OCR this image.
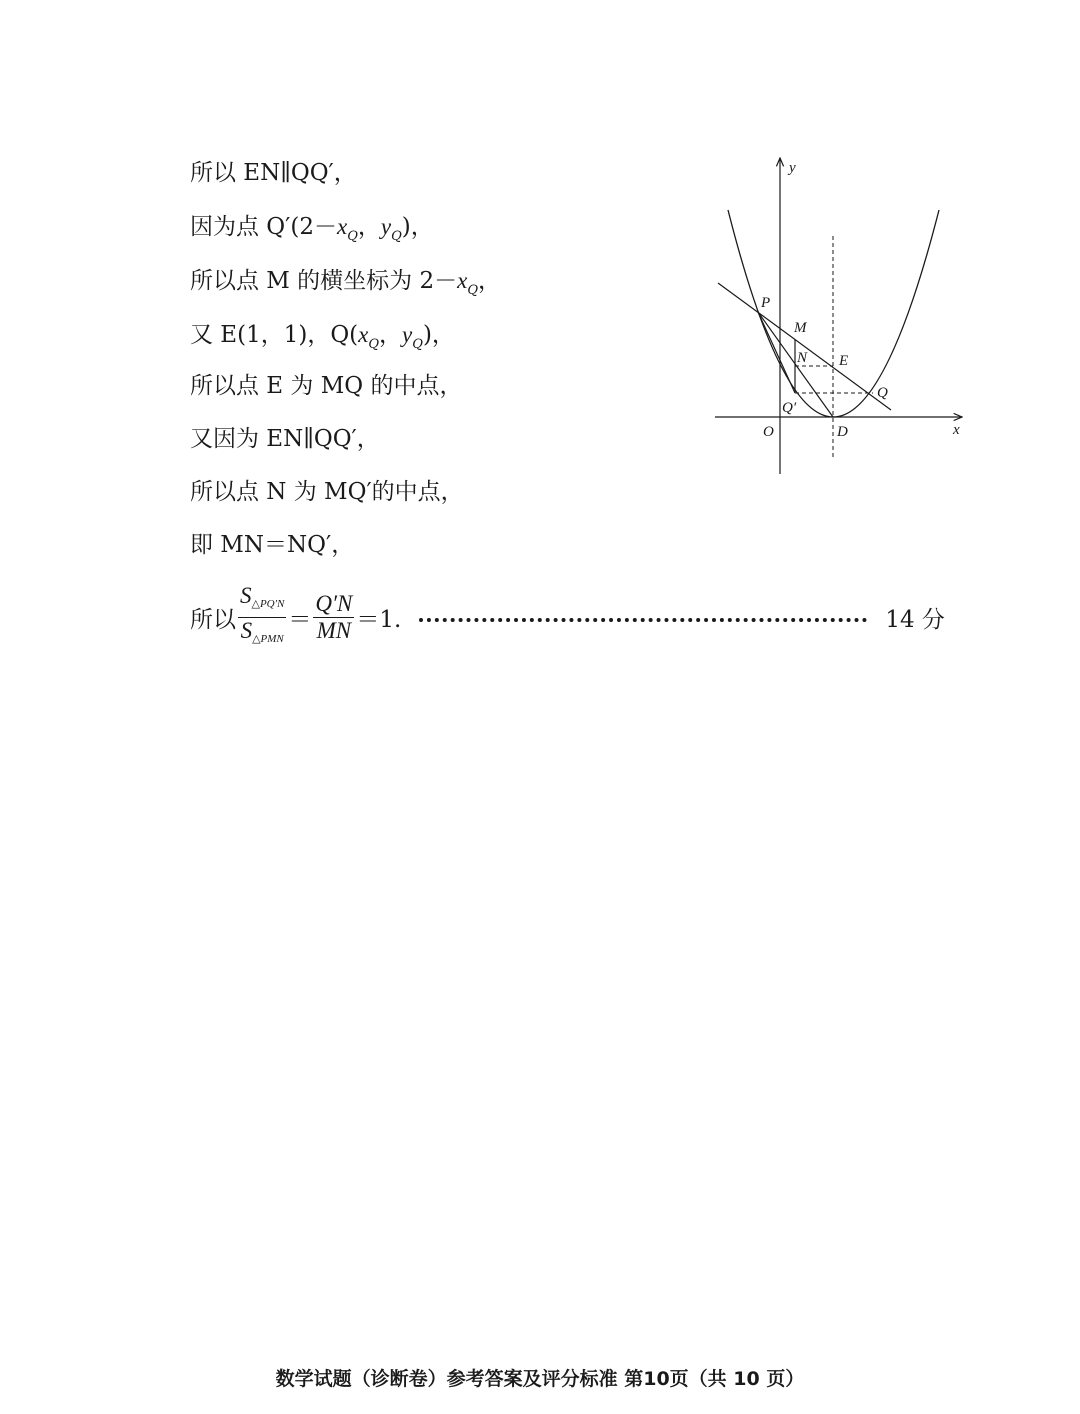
所以 EN∥QQ′，
因为点 $Q'(2-x_Q$，$y_Q$)，
所以点 M 的横坐标为 $2-x_Q$，
又 E(1，1)，$Q(x_Q$，$y_Q$)，
所以点 E 为 MQ 的中点，
又因为 EN∥QQ′，
所以点 N 为 MQ′的中点，
即 MN＝NQ′，
所以 $\frac{S\triangle PQ'N}{\text{S△PMN}} = \frac{Q'N}{MN} =1$.	14 分
y
x
O	D
P
M
N E
Q
Q′
数学试题（诊断卷）参考答案及评分标准 第10页（共 10 页）
